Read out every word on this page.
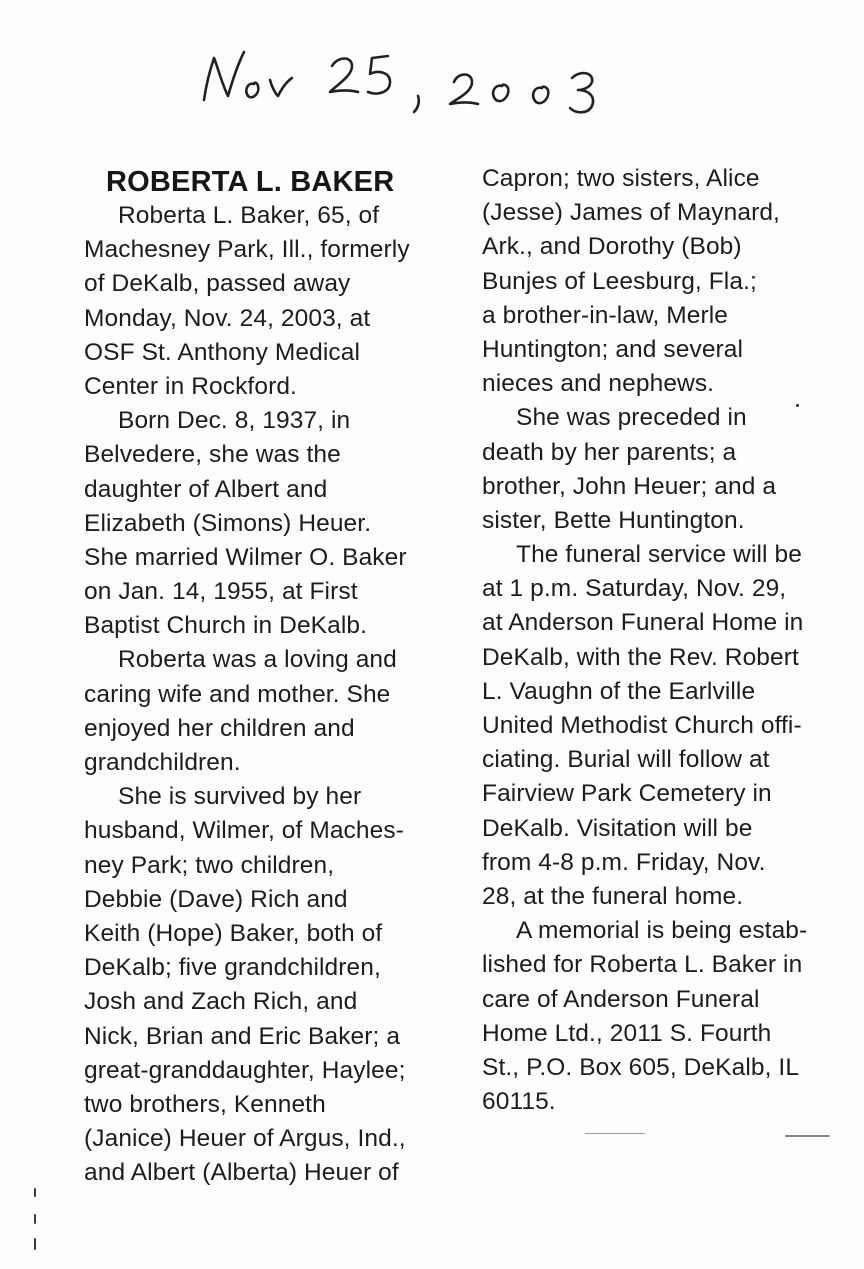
ROBERTA L. BAKER
Roberta L. Baker, 65, of
Machesney Park, Ill., formerly
of DeKalb, passed away
Monday, Nov. 24, 2003, at
OSF St. Anthony Medical
Center in Rockford.
Born Dec. 8, 1937, in
Belvedere, she was the
daughter of Albert and
Elizabeth (Simons) Heuer.
She married Wilmer O. Baker
on Jan. 14, 1955, at First
Baptist Church in DeKalb.
Roberta was a loving and
caring wife and mother. She
enjoyed her children and
grandchildren.
She is survived by her
husband, Wilmer, of Maches-
ney Park; two children,
Debbie (Dave) Rich and
Keith (Hope) Baker, both of
DeKalb; five grandchildren,
Josh and Zach Rich, and
Nick, Brian and Eric Baker; a
great-granddaughter, Haylee;
two brothers, Kenneth
(Janice) Heuer of Argus, Ind.,
and Albert (Alberta) Heuer of
Capron; two sisters, Alice
(Jesse) James of Maynard,
Ark., and Dorothy (Bob)
Bunjes of Leesburg, Fla.;
a brother-in-law, Merle
Huntington; and several
nieces and nephews.
She was preceded in
death by her parents; a
brother, John Heuer; and a
sister, Bette Huntington.
The funeral service will be
at 1 p.m. Saturday, Nov. 29,
at Anderson Funeral Home in
DeKalb, with the Rev. Robert
L. Vaughn of the Earlville
United Methodist Church offi-
ciating. Burial will follow at
Fairview Park Cemetery in
DeKalb. Visitation will be
from 4-8 p.m. Friday, Nov.
28, at the funeral home.
A memorial is being estab-
lished for Roberta L. Baker in
care of Anderson Funeral
Home Ltd., 2011 S. Fourth
St., P.O. Box 605, DeKalb, IL
60115.
